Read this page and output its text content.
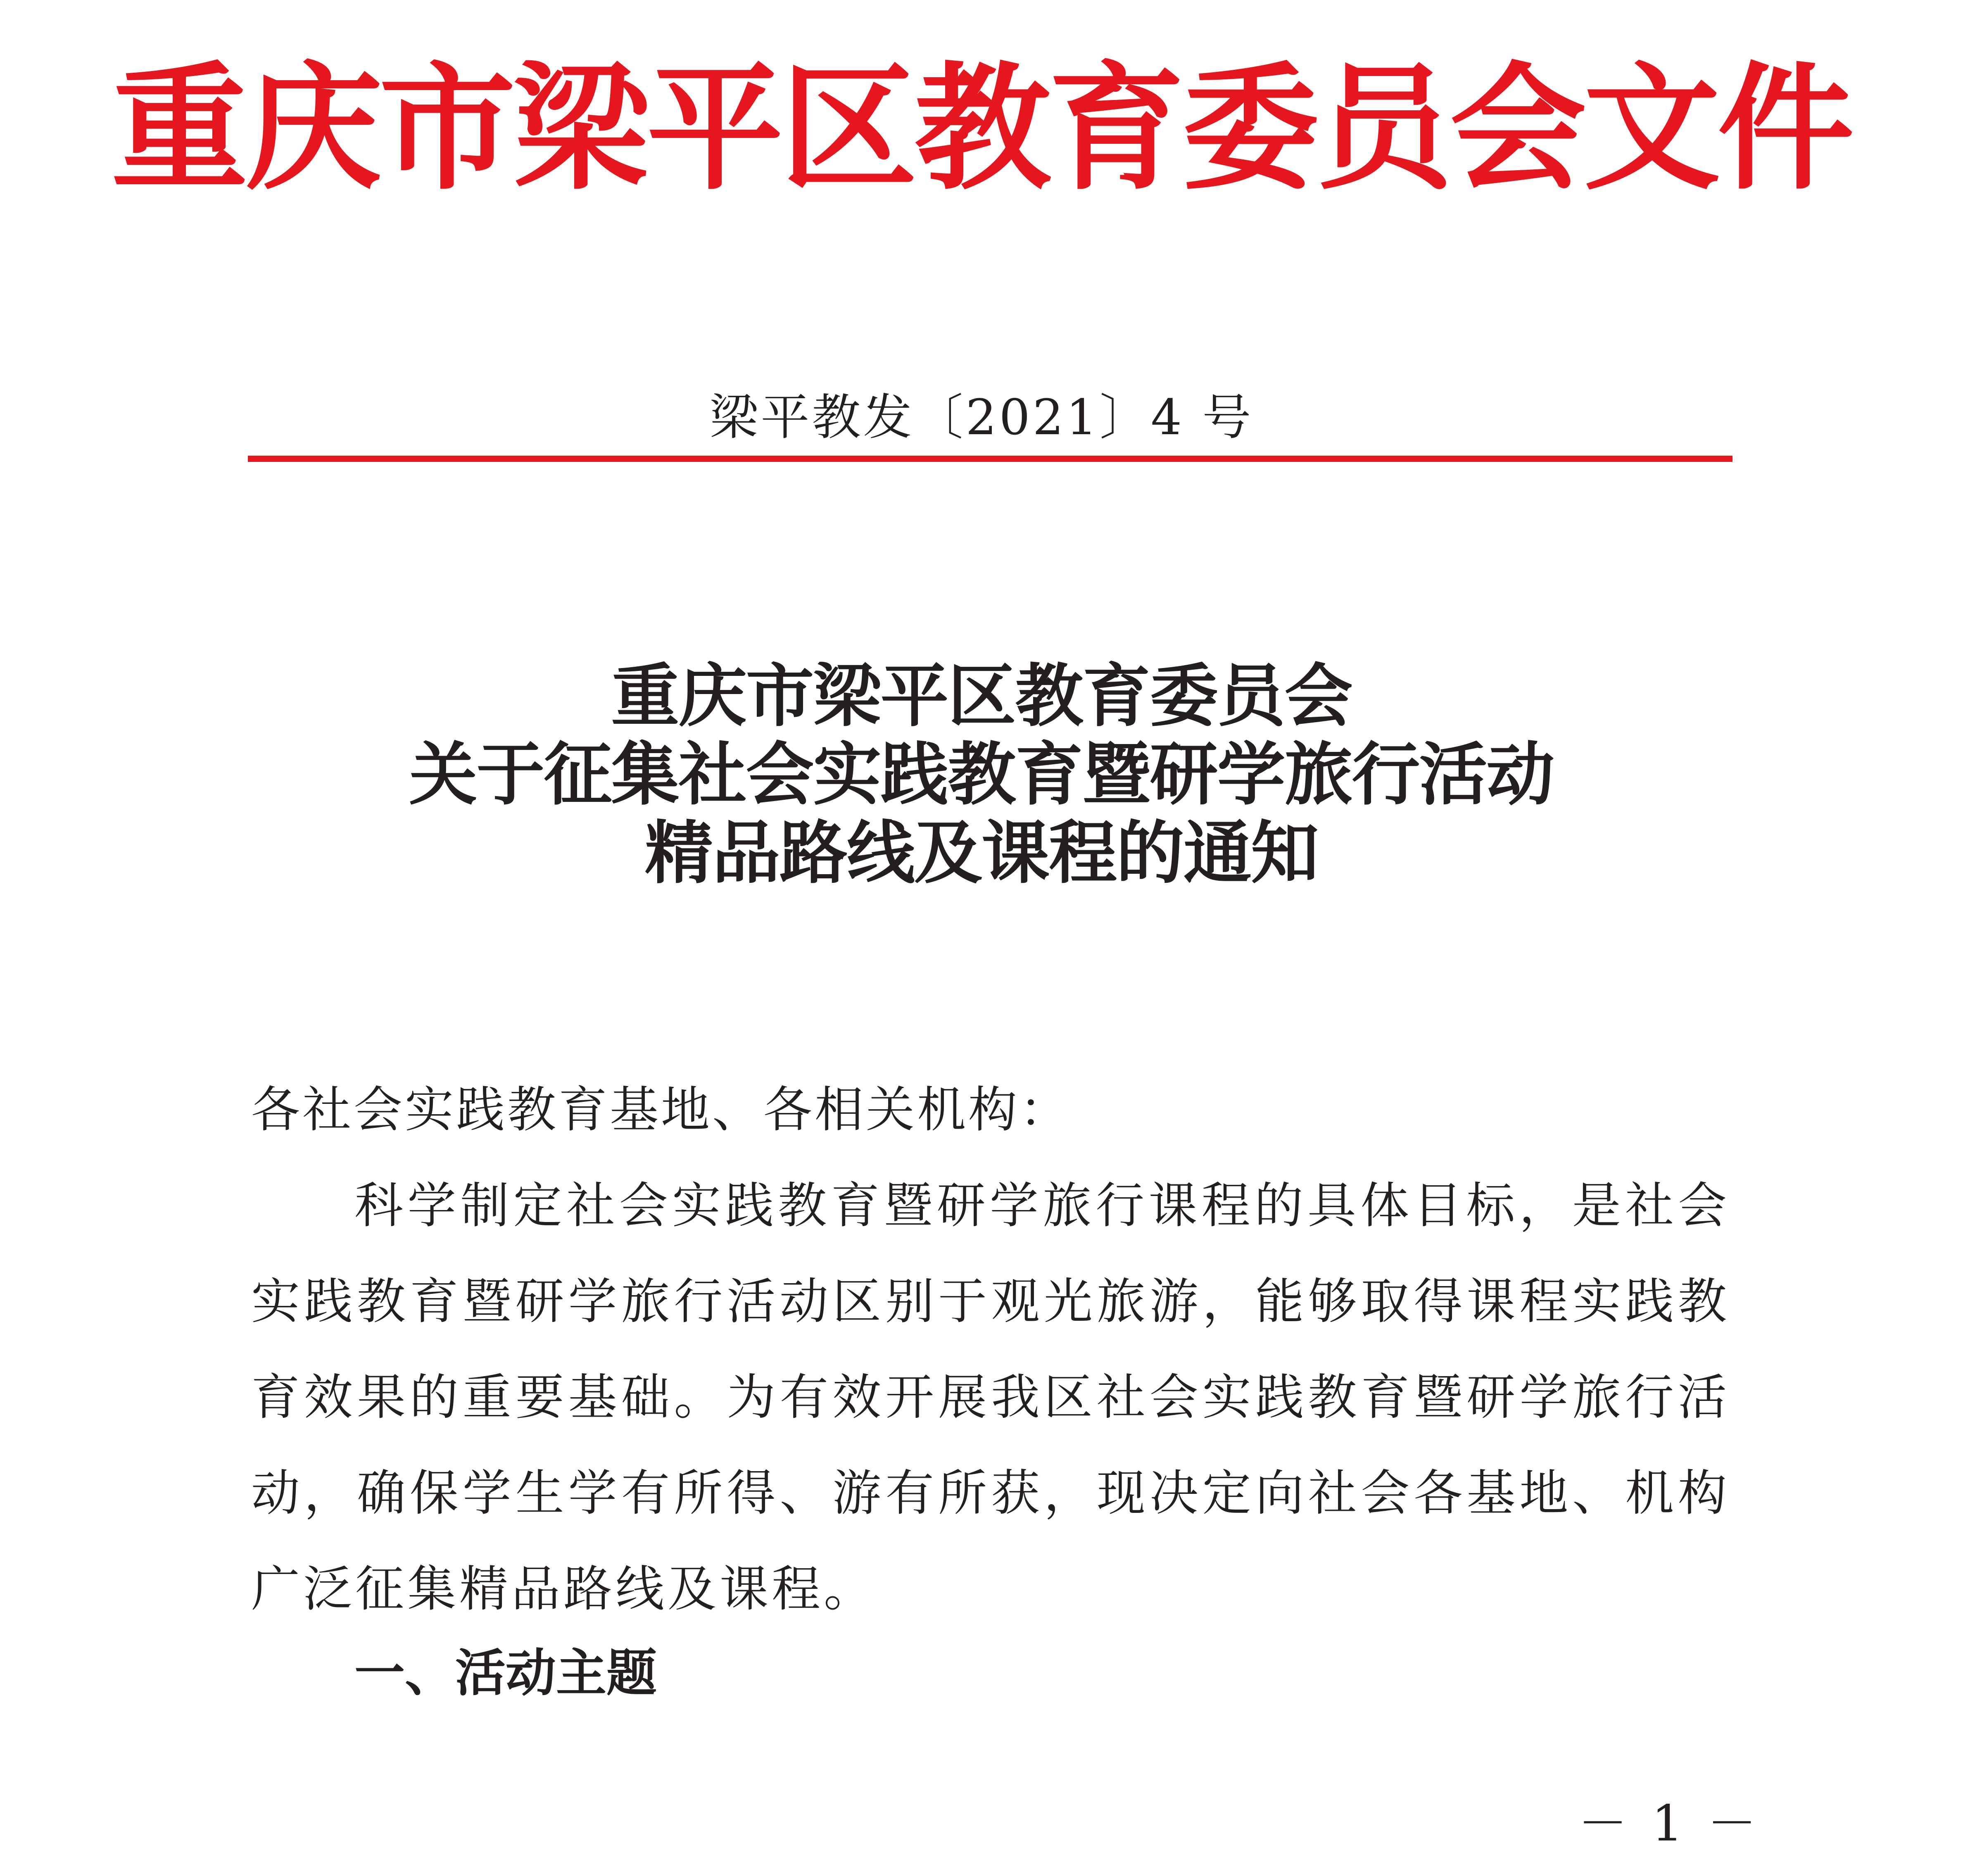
重庆市梁平区教育委员会文件
梁平教发〔2021〕4 号
重庆市梁平区教育委员会
关于征集社会实践教育暨研学旅行活动
精品路线及课程的通知
各社会实践教育基地、各相关机构：
科学制定社会实践教育暨研学旅行课程的具体目标，是社会实践教育暨研学旅行活动区别于观光旅游，能够取得课程实践教育效果的重要基础。为有效开展我区社会实践教育暨研学旅行活动，确保学生学有所得、游有所获，现决定向社会各基地、机构广泛征集精品路线及课程。
一、活动主题
－ 1 －
